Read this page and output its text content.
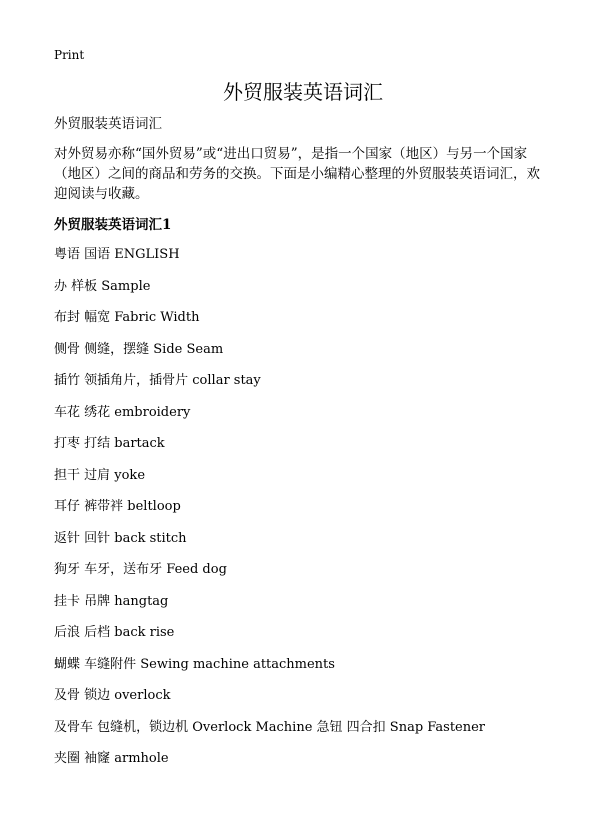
Print

外贸服装英语词汇

外贸服装英语词汇

对外贸易亦称“国外贸易”或“进出口贸易”，是指一个国家（地区）与另一个国家（地区）之间的商品和劳务的交换。下面是小编精心整理的外贸服装英语词汇，欢迎阅读与收藏。

外贸服装英语词汇1

粤语 国语 ENGLISH
办 样板 Sample
布封 幅宽 Fabric Width
侧骨 侧缝，摆缝 Side Seam
插竹 领插角片，插骨片 collar stay
车花 绣花 embroidery
打枣 打结 bartack
担干 过肩 yoke
耳仔 裤带袢 beltloop
返针 回针 back stitch
狗牙 车牙，送布牙 Feed dog
挂卡 吊牌 hangtag
后浪 后档 back rise
蝴蝶 车缝附件 Sewing machine attachments
及骨 锁边 overlock
及骨车 包缝机，锁边机 Overlock Machine 急钮 四合扣 Snap Fastener
夹圈 袖窿 armhole
